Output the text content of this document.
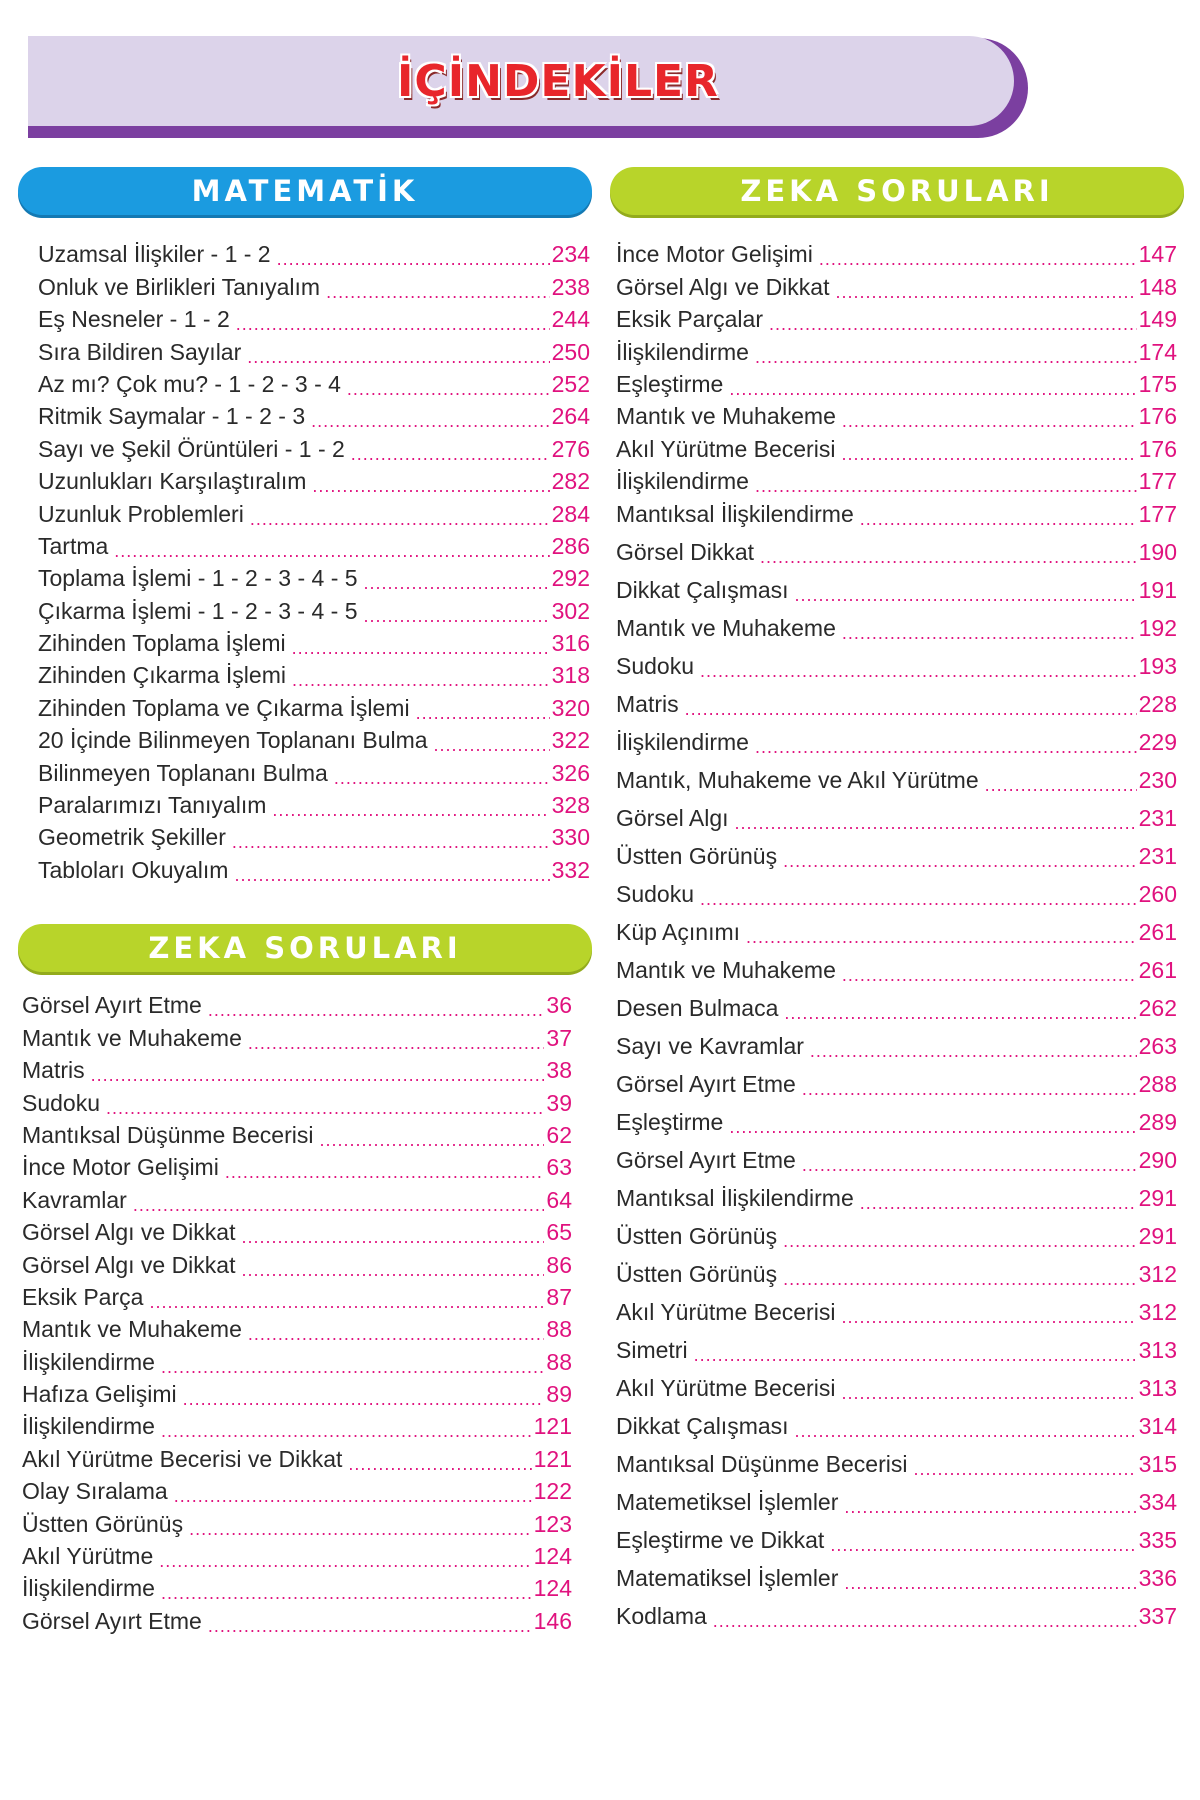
İÇİNDEKİLER
MATEMATİK
Uzamsal İlişkiler - 1 - 2 .....	234
Onluk ve Birlikleri Tanıyalım .....	238
Eş Nesneler - 1 - 2 .....	244
Sıra Bildiren Sayılar .....	250
Az mı? Çok mu? - 1 - 2 - 3 - 4 .....	252
Ritmik Saymalar - 1 - 2 - 3 .....	264
Sayı ve Şekil Örüntüleri - 1 - 2 .....	276
Uzunlukları Karşılaştıralım .....	282
Uzunluk Problemleri .....	284
Tartma .....	286
Toplama İşlemi - 1 - 2 - 3 - 4 - 5 .....	292
Çıkarma İşlemi - 1 - 2 - 3 - 4 - 5 .....	302
Zihinden Toplama İşlemi .....	316
Zihinden Çıkarma İşlemi .....	318
Zihinden Toplama ve Çıkarma İşlemi .....	320
20 İçinde Bilinmeyen Toplananı Bulma .....	322
Bilinmeyen Toplananı Bulma .....	326
Paralarımızı Tanıyalım .....	328
Geometrik Şekiller .....	330
Tabloları Okuyalım .....	332
ZEKA SORULARI
Görsel Ayırt Etme .....	36
Mantık ve Muhakeme .....	37
Matris .....	38
Sudoku .....	39
Mantıksal Düşünme Becerisi .....	62
İnce Motor Gelişimi .....	63
Kavramlar .....	64
Görsel Algı ve Dikkat .....	65
Görsel Algı ve Dikkat .....	86
Eksik Parça .....	87
Mantık ve Muhakeme .....	88
İlişkilendirme .....	88
Hafıza Gelişimi .....	89
İlişkilendirme .....	121
Akıl Yürütme Becerisi ve Dikkat .....	121
Olay Sıralama .....	122
Üstten Görünüş .....	123
Akıl Yürütme .....	124
İlişkilendirme .....	124
Görsel Ayırt Etme .....	146
ZEKA SORULARI
İnce Motor Gelişimi .....	147
Görsel Algı ve Dikkat .....	148
Eksik Parçalar .....	149
İlişkilendirme .....	174
Eşleştirme .....	175
Mantık ve Muhakeme .....	176
Akıl Yürütme Becerisi .....	176
İlişkilendirme .....	177
Mantıksal İlişkilendirme .....	177
Görsel Dikkat .....	190
Dikkat Çalışması .....	191
Mantık ve Muhakeme .....	192
Sudoku .....	193
Matris .....	228
İlişkilendirme .....	229
Mantık, Muhakeme ve Akıl Yürütme .....	230
Görsel Algı .....	231
Üstten Görünüş .....	231
Sudoku .....	260
Küp Açınımı .....	261
Mantık ve Muhakeme .....	261
Desen Bulmaca .....	262
Sayı ve Kavramlar .....	263
Görsel Ayırt Etme .....	288
Eşleştirme .....	289
Görsel Ayırt Etme .....	290
Mantıksal İlişkilendirme .....	291
Üstten Görünüş .....	291
Üstten Görünüş .....	312
Akıl Yürütme Becerisi .....	312
Simetri .....	313
Akıl Yürütme Becerisi .....	313
Dikkat Çalışması .....	314
Mantıksal Düşünme Becerisi .....	315
Matemetiksel İşlemler .....	334
Eşleştirme ve Dikkat .....	335
Matematiksel İşlemler .....	336
Kodlama .....	337
